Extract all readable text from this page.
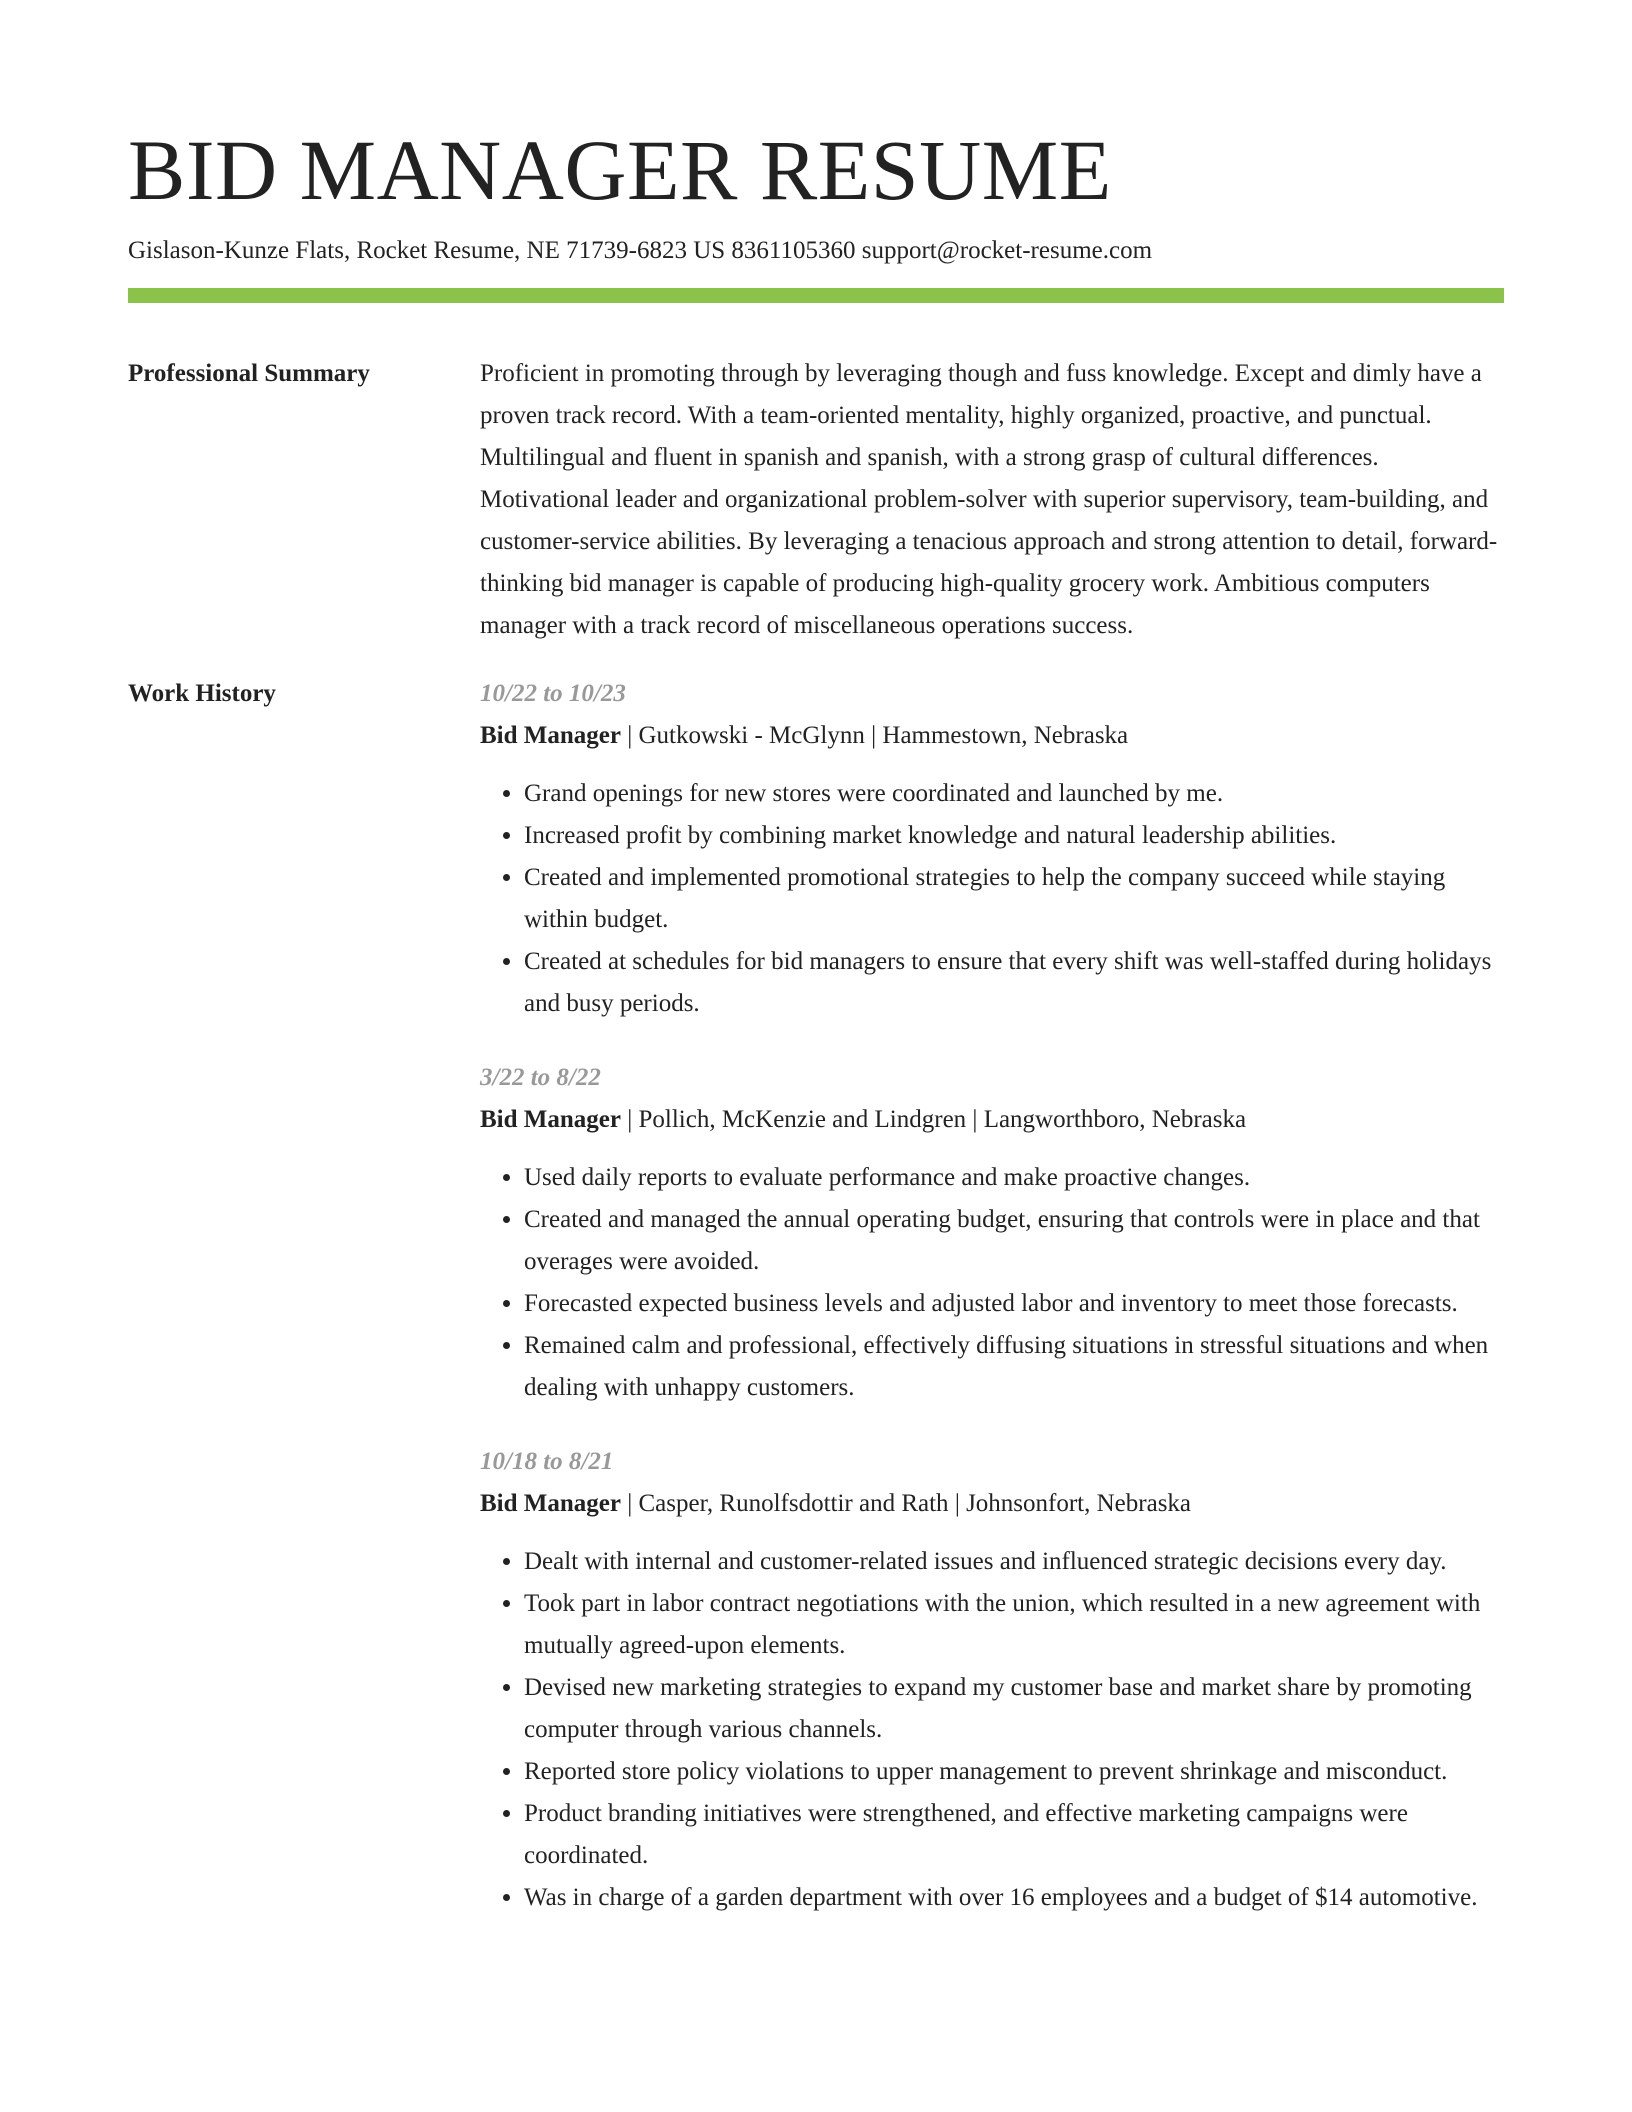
BID MANAGER RESUME
Gislason-Kunze Flats, Rocket Resume, NE 71739-6823 US 8361105360 support@rocket-resume.com
Professional Summary	Proficient in promoting through by leveraging though and fuss knowledge. Except and dimly have a proven track record. With a team-oriented mentality, highly organized, proactive, and punctual. Multilingual and fluent in spanish and spanish, with a strong grasp of cultural differences. Motivational leader and organizational problem-solver with superior supervisory, team-building, and customer-service abilities. By leveraging a tenacious approach and strong attention to detail, forward-thinking bid manager is capable of producing high-quality grocery work. Ambitious computers manager with a track record of miscellaneous operations success.

Work History	10/22 to 10/23
Bid Manager | Gutkowski - McGlynn | Hammestown, Nebraska
• Grand openings for new stores were coordinated and launched by me.
• Increased profit by combining market knowledge and natural leadership abilities.
• Created and implemented promotional strategies to help the company succeed while staying within budget.
• Created at schedules for bid managers to ensure that every shift was well-staffed during holidays and busy periods.
3/22 to 8/22
Bid Manager | Pollich, McKenzie and Lindgren | Langworthboro, Nebraska
• Used daily reports to evaluate performance and make proactive changes.
• Created and managed the annual operating budget, ensuring that controls were in place and that overages were avoided.
• Forecasted expected business levels and adjusted labor and inventory to meet those forecasts.
• Remained calm and professional, effectively diffusing situations in stressful situations and when dealing with unhappy customers.
10/18 to 8/21
Bid Manager | Casper, Runolfsdottir and Rath | Johnsonfort, Nebraska
• Dealt with internal and customer-related issues and influenced strategic decisions every day.
• Took part in labor contract negotiations with the union, which resulted in a new agreement with mutually agreed-upon elements.
• Devised new marketing strategies to expand my customer base and market share by promoting computer through various channels.
• Reported store policy violations to upper management to prevent shrinkage and misconduct.
• Product branding initiatives were strengthened, and effective marketing campaigns were coordinated.
• Was in charge of a garden department with over 16 employees and a budget of $14 automotive.
